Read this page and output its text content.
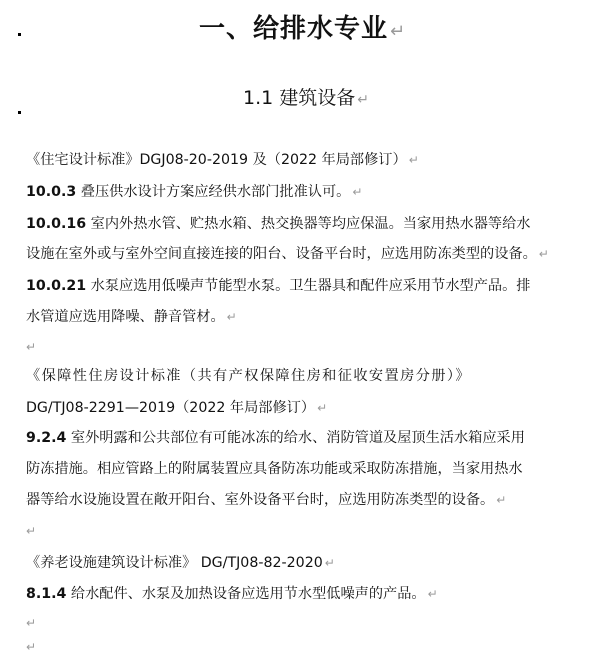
一、给排水专业 ↵
1.1 建筑设备 ↵
《住宅设计标准》DGJ08-20-2019 及（2022 年局部修订） ↵
10.0.3 叠压供水设计方案应经供水部门批准认可。 ↵
10.0.16 室内外热水管、贮热水箱、热交换器等均应保温。当家用热水器等给水
设施在室外或与室外空间直接连接的阳台、设备平台时，应选用防冻类型的设备。 ↵
10.0.21 水泵应选用低噪声节能型水泵。卫生器具和配件应采用节水型产品。排
水管道应选用降噪、静音管材。 ↵
↵
《保障性住房设计标准（共有产权保障住房和征收安置房分册）》
DG/TJ08-2291—2019（2022 年局部修订） ↵
9.2.4 室外明露和公共部位有可能冰冻的给水、消防管道及屋顶生活水箱应采用
防冻措施。相应管路上的附属装置应具备防冻功能或采取防冻措施，当家用热水
器等给水设施设置在敞开阳台、室外设备平台时，应选用防冻类型的设备。 ↵
↵
《养老设施建筑设计标准》 DG/TJ08-82-2020 ↵
8.1.4 给水配件、水泵及加热设备应选用节水型低噪声的产品。 ↵
↵
↵
